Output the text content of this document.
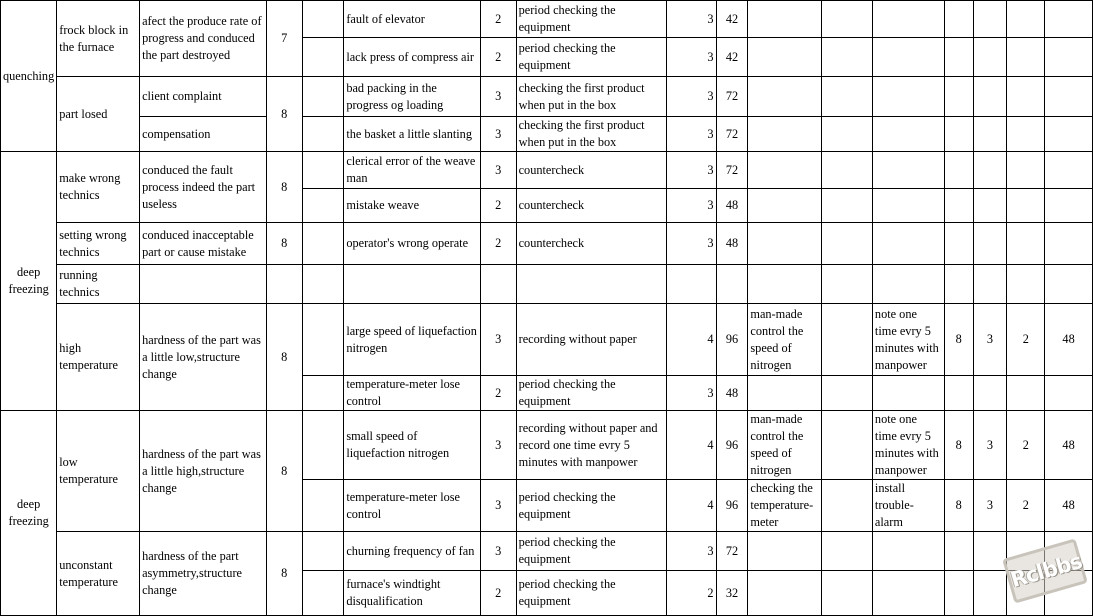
quenching	frock block in the furnace	afect the produce rate of progress and conduced the part destroyed	7		fault of elevator	2	period checking the equipment	3	42							
					lack press of compress air	2	period checking the equipment	3	42							
	part losed	client complaint	8		bad packing in the progress og loading	3	checking the first product when put in the box	3	72							
		compensation			the basket a little slanting	3	checking the first product when put in the box	3	72							
deep freezing	make wrong technics	conduced the fault process indeed the part useless	8		clerical error of the weave man	3	countercheck	3	72							
					mistake weave	2	countercheck	3	48							
	setting wrong technics	conduced inacceptable part or cause mistake	8		operator's wrong operate	2	countercheck	3	48							
	running technics															
	high temperature	hardness of the part was a little low,structure change	8		large speed of liquefaction nitrogen	3	recording without paper	4	96	man-made control the speed of nitrogen		note one time evry 5 minutes with manpower	8	3	2	48
					temperature-meter lose control	2	period checking the equipment	3	48							
deep freezing	low temperature	hardness of the part was a little high,structure change	8		small speed of liquefaction nitrogen	3	recording without paper and record one time evry 5 minutes with manpower	4	96	man-made control the speed of nitrogen		note one time evry 5 minutes with manpower	8	3	2	48
					temperature-meter lose control	3	period checking the equipment	4	96	checking the temperature-meter		install trouble-alarm	8	3	2	48
	unconstant temperature	hardness of the part asymmetry,structure change	8		churning frequency of fan	3	period checking the equipment	3	72							
					furnace's windtight disqualification	2	period checking the equipment	2	32							
Rclbbs
